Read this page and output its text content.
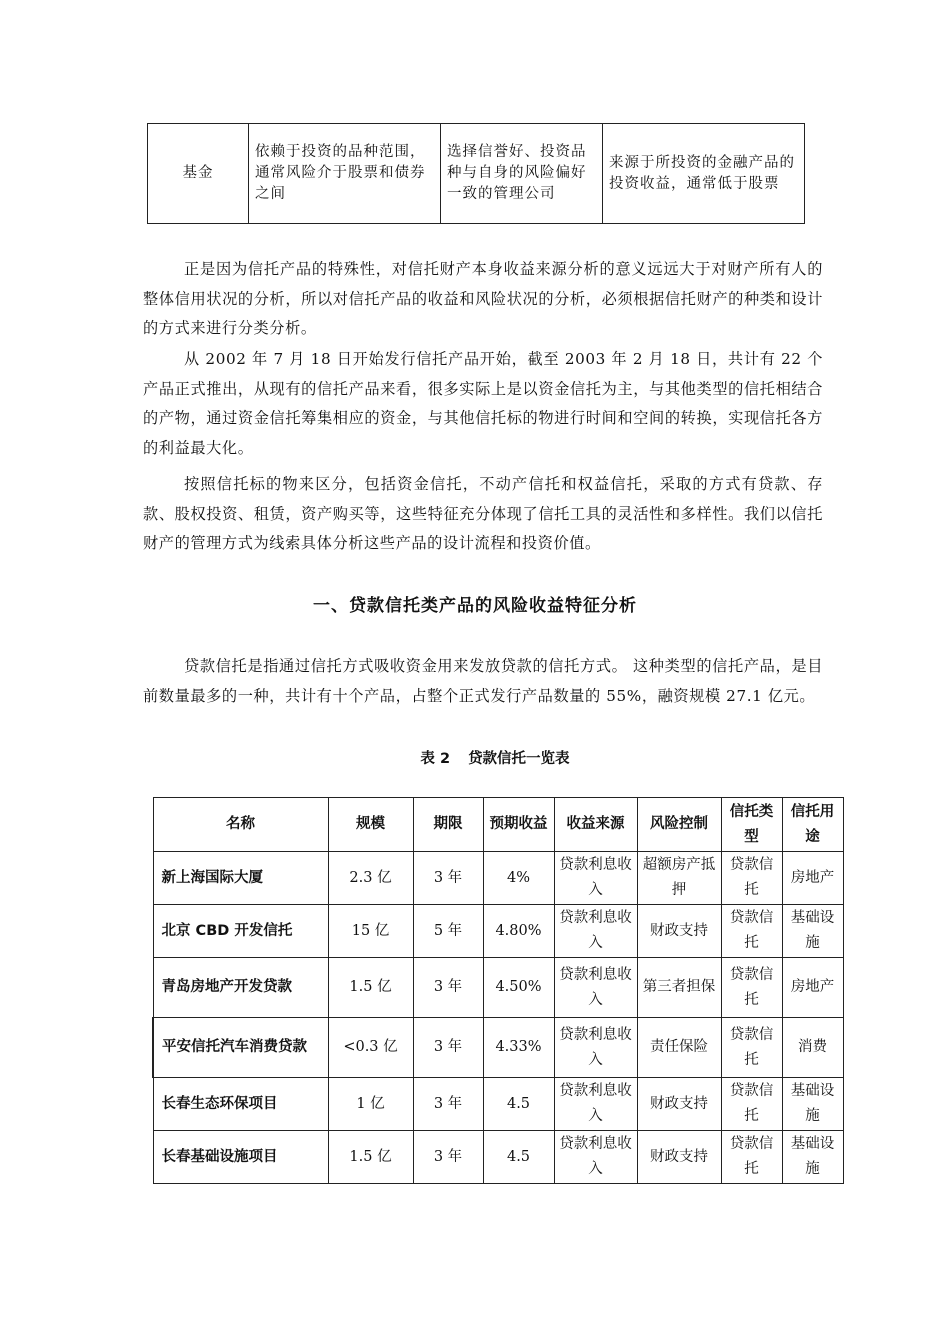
基金	依赖于投资的品种范围，通常风险介于股票和债券之间	选择信誉好、投资品种与自身的风险偏好一致的管理公司	来源于所投资的金融产品的投资收益，通常低于股票

正是因为信托产品的特殊性，对信托财产本身收益来源分析的意义远远大于对财产所有人的整体信用状况的分析，所以对信托产品的收益和风险状况的分析，必须根据信托财产的种类和设计的方式来进行分类分析。

从 2002 年 7 月 18 日开始发行信托产品开始，截至 2003 年 2 月 18 日，共计有 22 个产品正式推出，从现有的信托产品来看，很多实际上是以资金信托为主，与其他类型的信托相结合的产物，通过资金信托筹集相应的资金，与其他信托标的物进行时间和空间的转换，实现信托各方的利益最大化。

按照信托标的物来区分，包括资金信托，不动产信托和权益信托，采取的方式有贷款、存款、股权投资、租赁，资产购买等，这些特征充分体现了信托工具的灵活性和多样性。我们以信托财产的管理方式为线索具体分析这些产品的设计流程和投资价值。

一、贷款信托类产品的风险收益特征分析

贷款信托是指通过信托方式吸收资金用来发放贷款的信托方式。 这种类型的信托产品，是目前数量最多的一种，共计有十个产品，占整个正式发行产品数量的 55%，融资规模 27.1 亿元。

表 2 贷款信托一览表

名称	规模	期限	预期收益	收益来源	风险控制	信托类型	信托用途
新上海国际大厦	2.3 亿	3 年	4%	贷款利息收入	超额房产抵押	贷款信托	房地产
北京 CBD 开发信托	15 亿	5 年	4.80%	贷款利息收入	财政支持	贷款信托	基础设施
青岛房地产开发贷款	1.5 亿	3 年	4.50%	贷款利息收入	第三者担保	贷款信托	房地产
平安信托汽车消费贷款	<0.3 亿	3 年	4.33%	贷款利息收入	责任保险	贷款信托	消费
长春生态环保项目	1 亿	3 年	4.5	贷款利息收入	财政支持	贷款信托	基础设施
长春基础设施项目	1.5 亿	3 年	4.5	贷款利息收入	财政支持	贷款信托	基础设施
